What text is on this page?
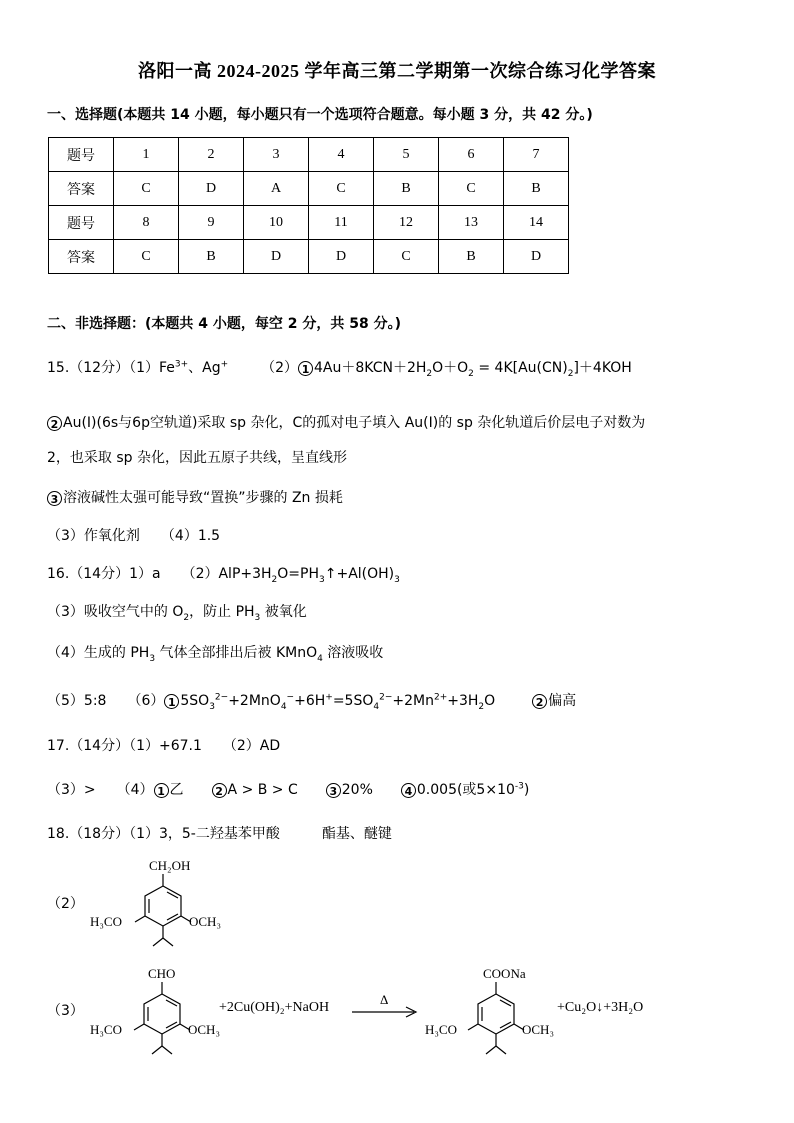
洛阳一高 2024-2025 学年高三第二学期第一次综合练习化学答案
一、选择题(本题共 14 小题，每小题只有一个选项符合题意。每小题 3 分，共 42 分。)
题号	1	2	3	4	5	6	7
答案	C	D	A	C	B	C	B
题号	8	9	10	11	12	13	14
答案	C	B	D	D	C	B	D
二、非选择题：(本题共 4 小题，每空 2 分，共 58 分。)
15.（12分）$(1)Fe^{3+}$、Ag+ （2） 1 $4Au+8KCN+2H_2O+O_2 = 4K[Au(CN)_2]+4KOH$
2 Au(Ⅰ)(6s与6p空轨道)采取 sp 杂化，C的孤对电子填入 Au(Ⅰ)的 sp 杂化轨道后价层电子对数为
2，也采取 sp 杂化，因此五原子共线，呈直线形
3 溶液碱性太强可能导致“置换”步骤的 Zn 损耗
（3）作氧化剂　　（4）1.5
16.（14分）1）a　　$(2)AlP+3H_2O=PH_3↑+Al(OH)_3$
（3）吸收空气中的 $O_2$，防止 $PH_3$ 被氧化
（4）生成的 $PH_3$ 气体全部排出后被 KMnO$_4$ 溶液吸收
（5）5:8　　（6） 1 $5SO_3^{2-}+2MnO_4^-+6H^+=5SO_4^{2-}+2Mn^{2+}+3H_2O$	2 偏高
17.（14分）（1）+67.1　　（2）AD
（3）>　　（4） 1 乙　　2 A > B > C　　3 20%　　4 0.005(或$5\times 10^{-3}$)
18.（18分）（1）3，5-二羟基苯甲酸　　　酯基、醚键
（2）
CH₂OH
H₃CO	OCH₃
（3）
CHO
H₃CO	OCH₃
+2Cu(OH)₂+NaOH
Δ
COONa
H₃CO	OCH₃
+Cu₂O↓+3H₂O
